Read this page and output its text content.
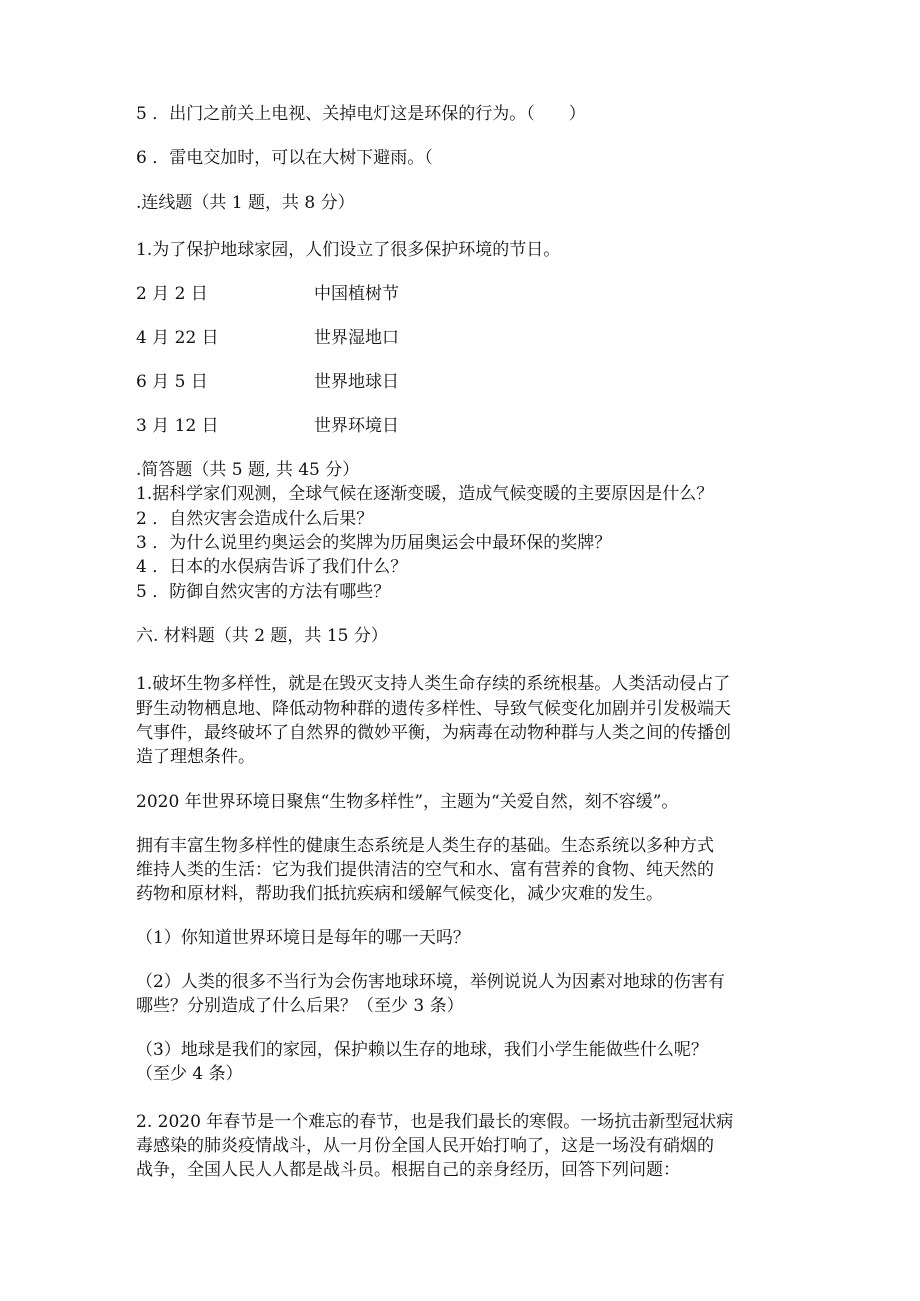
5 ．出门之前关上电视、关掉电灯这是环保的行为。（　　）
6 ．雷电交加时，可以在大树下避雨。（
.连线题（共 1 题，共 8 分）
1.为了保护地球家园，人们设立了很多保护环境的节日。
2 月 2 日	中国植树节
4 月 22 日	世界湿地口
6 月 5 日	世界地球日
3 月 12 日	世界环境日
.简答题（共 5 题, 共 45 分）
1.据科学家们观测，全球气候在逐渐变暖，造成气候变暖的主要原因是什么？
2 ．自然灾害会造成什么后果？
3 ．为什么说里约奥运会的奖牌为历届奥运会中最环保的奖牌？
4 ．日本的水俣病告诉了我们什么？
5 ．防御自然灾害的方法有哪些？
六. 材料题（共 2 题，共 15 分）
1.破坏生物多样性，就是在毁灭支持人类生命存续的系统根基。人类活动侵占了
野生动物栖息地、降低动物种群的遗传多样性、导致气候变化加剧并引发极端天
气事件，最终破坏了自然界的微妙平衡，为病毒在动物种群与人类之间的传播创
造了理想条件。
2020 年世界环境日聚焦“生物多样性”，主题为“关爱自然，刻不容缓”。
拥有丰富生物多样性的健康生态系统是人类生存的基础。生态系统以多种方式
维持人类的生活：它为我们提供清洁的空气和水、富有营养的食物、纯天然的
药物和原材料，帮助我们抵抗疾病和缓解气候变化，减少灾难的发生。
（1）你知道世界环境日是每年的哪一天吗？
（2）人类的很多不当行为会伤害地球环境，举例说说人为因素对地球的伤害有
哪些？分别造成了什么后果？（至少 3 条）
（3）地球是我们的家园，保护赖以生存的地球，我们小学生能做些什么呢？
（至少 4 条）
2. 2020 年春节是一个难忘的春节，也是我们最长的寒假。一场抗击新型冠状病
毒感染的肺炎疫情战斗，从一月份全国人民开始打响了，这是一场没有硝烟的
战争，全国人民人人都是战斗员。根据自己的亲身经历，回答下列问题：
